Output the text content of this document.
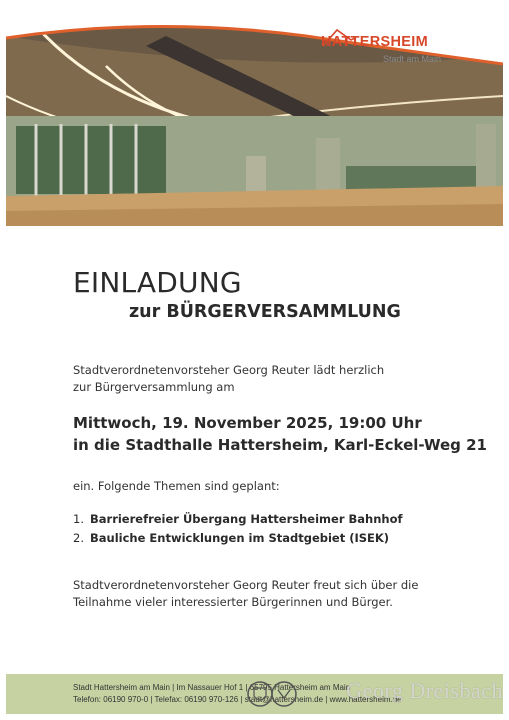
HATTERSHEIM
Stadt am Main
EINLADUNG
zur BÜRGERVERSAMMLUNG

Stadtverordnetenvorsteher Georg Reuter lädt herzlich
zur Bürgerversammlung am

Mittwoch, 19. November 2025, 19:00 Uhr

in die Stadthalle Hattersheim, Karl-Eckel-Weg 21

ein. Folgende Themen sind geplant:

1. Barrierefreier Übergang Hattersheimer Bahnhof
2. Bauliche Entwicklungen im Stadtgebiet (ISEK)

Stadtverordnetenvorsteher Georg Reuter freut sich über die
Teilnahme vieler interessierter Bürgerinnen und Bürger.

Stadt Hattersheim am Main | Im Nassauer Hof 1 | 65795 Hattersheim am Main
Telefon: 06190 970-0 | Telefax: 06190 970-126 | stadt@hattersheim.de | www.hattersheim.de
Georg Dreisbach
